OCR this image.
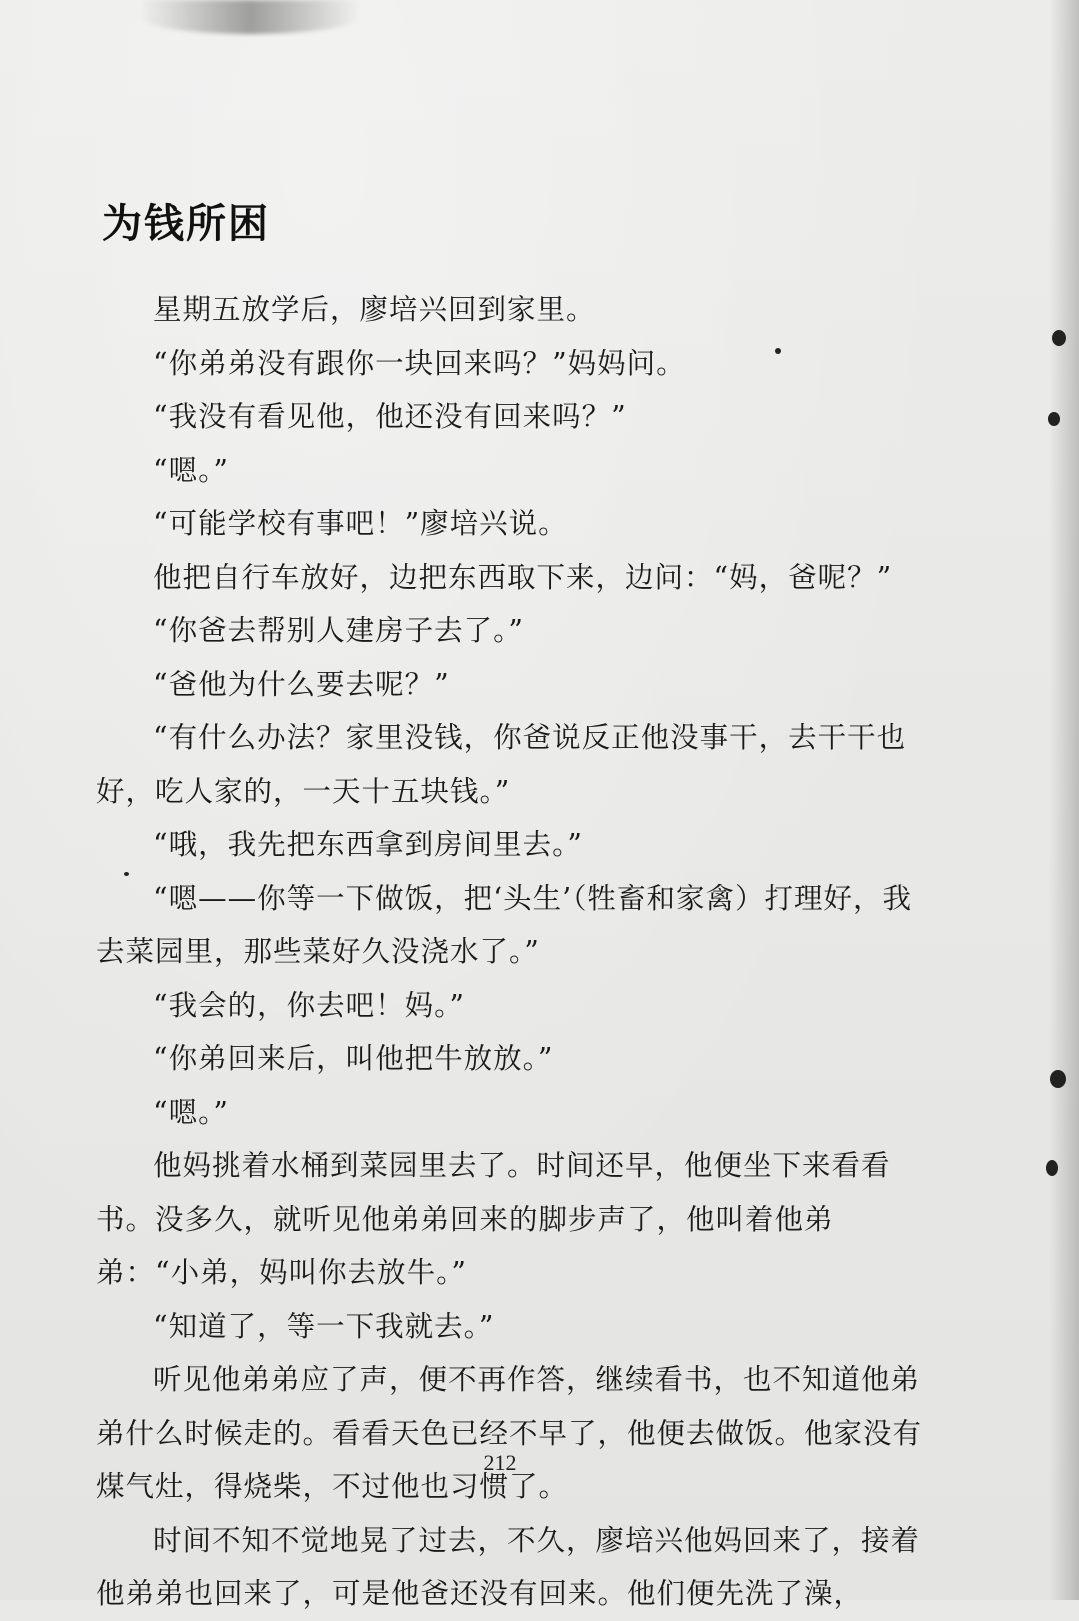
为钱所困

星期五放学后，廖培兴回到家里。

“你弟弟没有跟你一块回来吗？”妈妈问。

“我没有看见他，他还没有回来吗？”

“嗯。”

“可能学校有事吧！”廖培兴说。

他把自行车放好，边把东西取下来，边问：“妈，爸呢？”

“你爸去帮别人建房子去了。”

“爸他为什么要去呢？”

“有什么办法？家里没钱，你爸说反正他没事干，去干干也好，吃人家的，一天十五块钱。”

“哦，我先把东西拿到房间里去。”

“嗯——你等一下做饭，把‘头生’（牲畜和家禽）打理好，我去菜园里，那些菜好久没浇水了。”

“我会的，你去吧！妈。”

“你弟回来后，叫他把牛放放。”

“嗯。”

他妈挑着水桶到菜园里去了。时间还早，他便坐下来看看书。没多久，就听见他弟弟回来的脚步声了，他叫着他弟弟：“小弟，妈叫你去放牛。”

“知道了，等一下我就去。”

听见他弟弟应了声，便不再作答，继续看书，也不知道他弟弟什么时候走的。看看天色已经不早了，他便去做饭。他家没有煤气灶，得烧柴，不过他也习惯了。

时间不知不觉地晃了过去，不久，廖培兴他妈回来了，接着他弟弟也回来了，可是他爸还没有回来。他们便先洗了澡，

212
